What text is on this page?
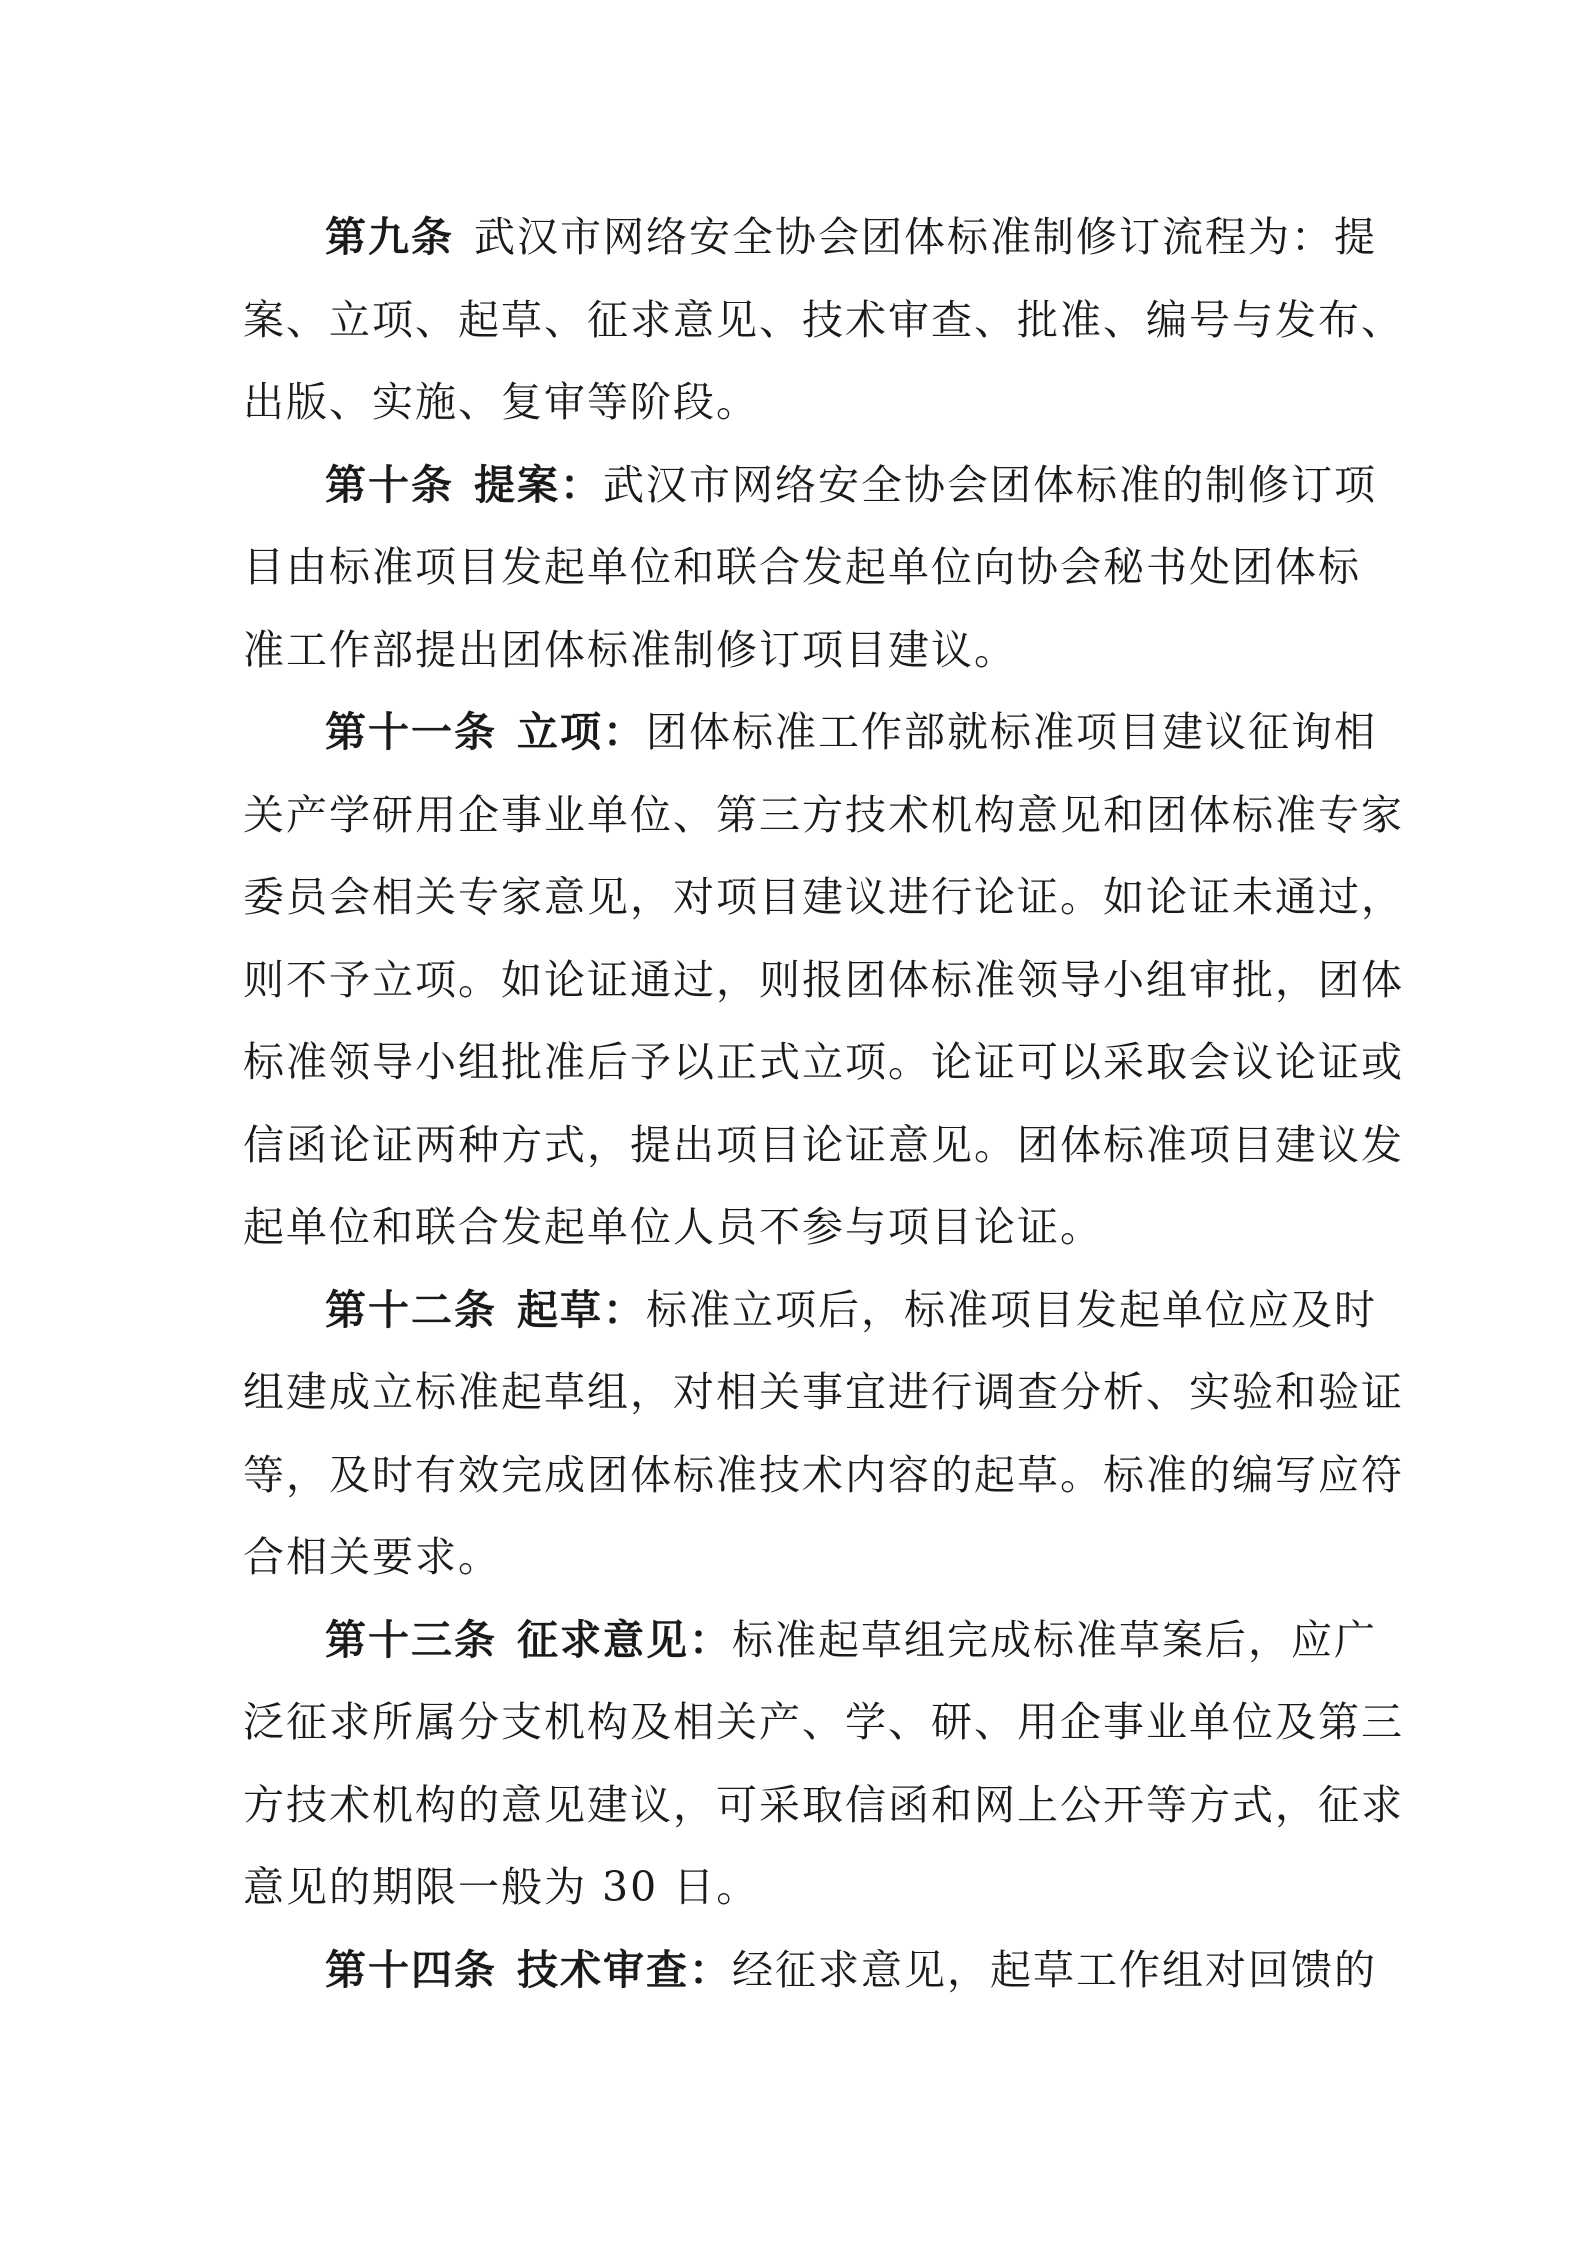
第九条 武汉市网络安全协会团体标准制修订流程为：提
案、立项、起草、征求意见、技术审查、批准、编号与发布、
出版、实施、复审等阶段。

第十条 提案：武汉市网络安全协会团体标准的制修订项
目由标准项目发起单位和联合发起单位向协会秘书处团体标
准工作部提出团体标准制修订项目建议。

第十一条 立项：团体标准工作部就标准项目建议征询相
关产学研用企事业单位、第三方技术机构意见和团体标准专家
委员会相关专家意见，对项目建议进行论证。如论证未通过，
则不予立项。如论证通过，则报团体标准领导小组审批，团体
标准领导小组批准后予以正式立项。论证可以采取会议论证或
信函论证两种方式，提出项目论证意见。团体标准项目建议发
起单位和联合发起单位人员不参与项目论证。

第十二条 起草：标准立项后，标准项目发起单位应及时
组建成立标准起草组，对相关事宜进行调查分析、实验和验证
等，及时有效完成团体标准技术内容的起草。标准的编写应符
合相关要求。

第十三条 征求意见：标准起草组完成标准草案后，应广
泛征求所属分支机构及相关产、学、研、用企事业单位及第三
方技术机构的意见建议，可采取信函和网上公开等方式，征求
意见的期限一般为 30 日。

第十四条 技术审查：经征求意见，起草工作组对回馈的
